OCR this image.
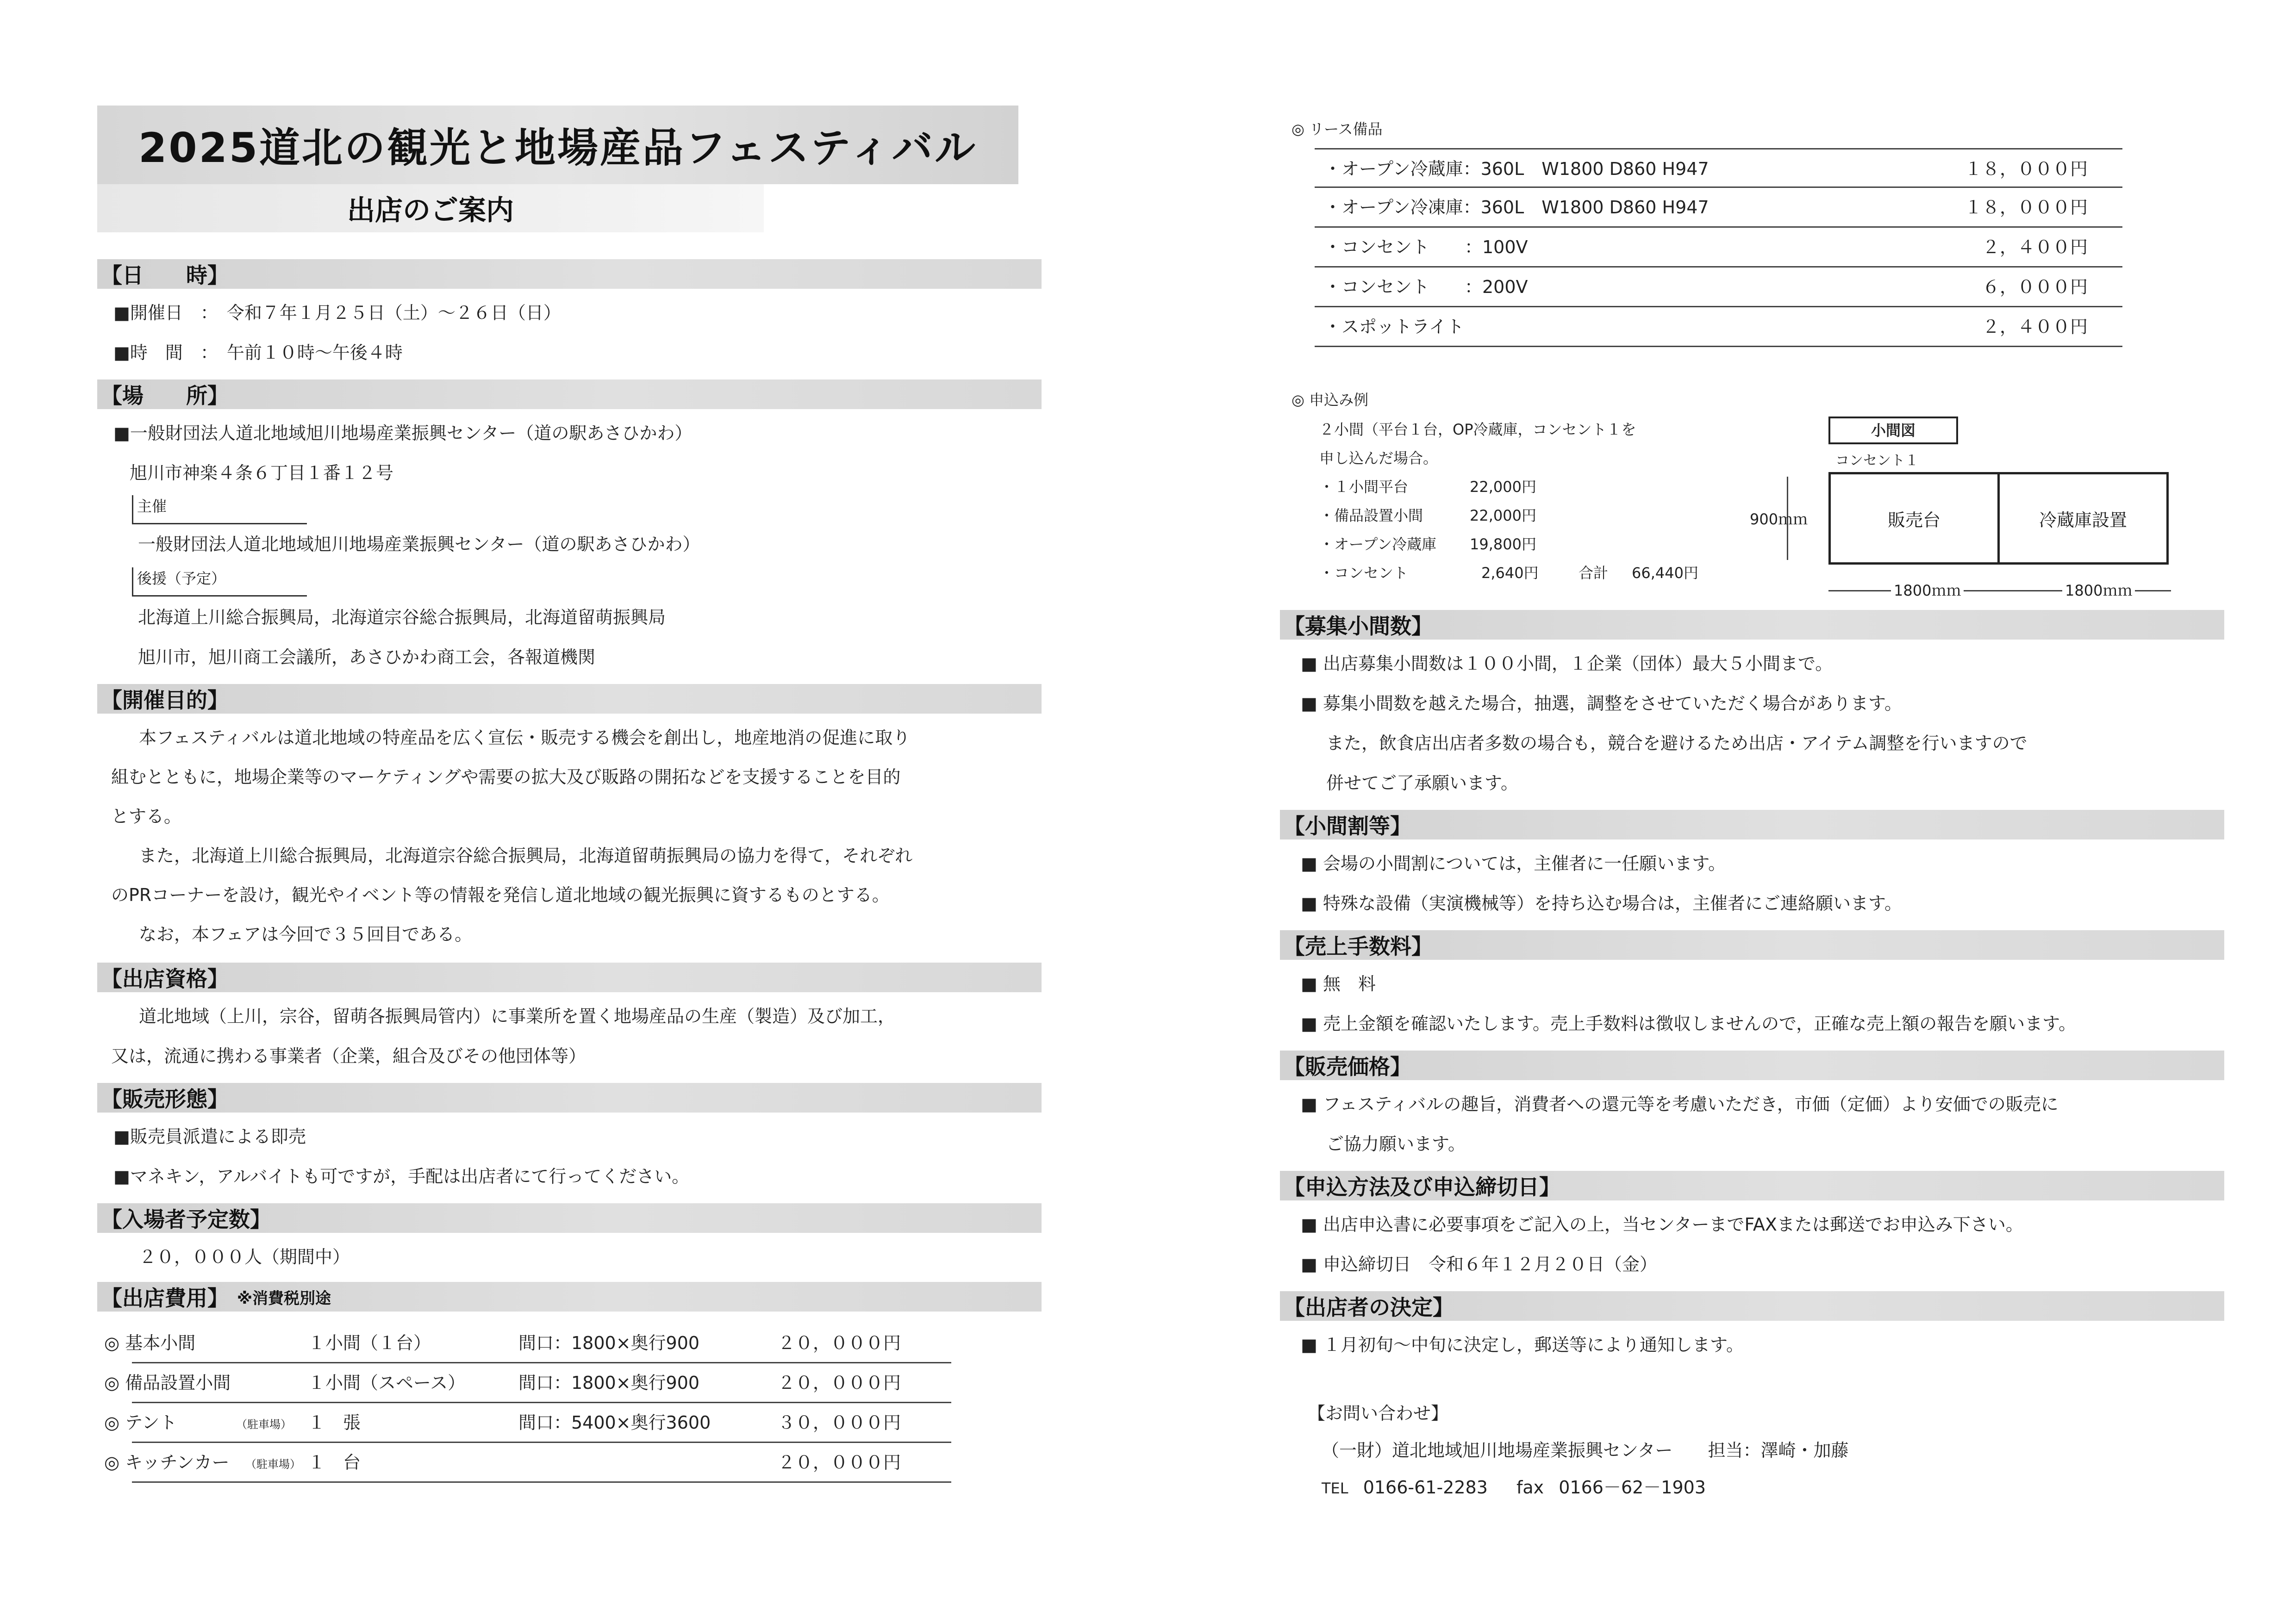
2025道北の観光と地場産品フェスティバル
出店のご案内
【日　　時】
■開催日　：　令和７年１月２５日（土）～２６日（日）
■時　間　：　午前１０時～午後４時
【場　　所】
■一般財団法人道北地域旭川地場産業振興センター（道の駅あさひかわ）
旭川市神楽４条６丁目１番１２号
主催
一般財団法人道北地域旭川地場産業振興センター（道の駅あさひかわ）
後援（予定）
北海道上川総合振興局，北海道宗谷総合振興局，北海道留萌振興局
旭川市，旭川商工会議所，あさひかわ商工会，各報道機関
【開催目的】
本フェスティバルは道北地域の特産品を広く宣伝・販売する機会を創出し，地産地消の促進に取り
組むとともに，地場企業等のマーケティングや需要の拡大及び販路の開拓などを支援することを目的
とする。
また，北海道上川総合振興局，北海道宗谷総合振興局，北海道留萌振興局の協力を得て，それぞれ
のPRコーナーを設け，観光やイベント等の情報を発信し道北地域の観光振興に資するものとする。
なお，本フェアは今回で３５回目である。
【出店資格】
道北地域（上川，宗谷，留萌各振興局管内）に事業所を置く地場産品の生産（製造）及び加工，
又は，流通に携わる事業者（企業，組合及びその他団体等）
【販売形態】
■販売員派遣による即売
■マネキン，アルバイトも可ですが，手配は出店者にて行ってください。
【入場者予定数】
２０，０００人（期間中）
【出店費用】 ※消費税別途
◎ 基本小間	１小間（１台）	間口：1800×奥行900	２０，０００円
◎ 備品設置小間	１小間（スペース）	間口：1800×奥行900	２０，０００円
◎ テント	（駐車場） １　張	間口：5400×奥行3600	３０，０００円
◎ キッチンカー （駐車場） １　台	２０，０００円
◎ リース備品
・オープン冷蔵庫：360L　W1800 D860 H947	１８，０００円
・オープン冷凍庫：360L　W1800 D860 H947	１８，０００円
・コンセント　　：100V	２，４００円
・コンセント　　：200V	６，０００円
・スポットライト	２，４００円
◎ 申込み例
２小間（平台１台，OP冷蔵庫，コンセント１を
申し込んだ場合。
・１小間平台	22,000円
・備品設置小間	22,000円
・オープン冷蔵庫 19,800円
・コンセント	2,640円	合計 66,440円
小間図
コンセント１
900ｍｍ	販売台	冷蔵庫設置
1800ｍｍ	1800ｍｍ
【募集小間数】
■ 出店募集小間数は１００小間，１企業（団体）最大５小間まで。
■ 募集小間数を越えた場合，抽選，調整をさせていただく場合があります。
また，飲食店出店者多数の場合も，競合を避けるため出店・アイテム調整を行いますので
併せてご了承願います。
【小間割等】
■ 会場の小間割については，主催者に一任願います。
■ 特殊な設備（実演機械等）を持ち込む場合は，主催者にご連絡願います。
【売上手数料】
■ 無　料
■ 売上金額を確認いたします。売上手数料は徴収しませんので，正確な売上額の報告を願います。
【販売価格】
■ フェスティバルの趣旨，消費者への還元等を考慮いただき，市価（定価）より安価での販売に
ご協力願います。
【申込方法及び申込締切日】
■ 出店申込書に必要事項をご記入の上，当センターまでFAXまたは郵送でお申込み下さい。
■ 申込締切日　令和６年１２月２０日（金）
【出店者の決定】
■ １月初旬～中旬に決定し，郵送等により通知します。
【お問い合わせ】
（一財）道北地域旭川地場産業振興センター　　担当：澤崎・加藤
TEL 0166-61-2283 fax 0166－62－1903
